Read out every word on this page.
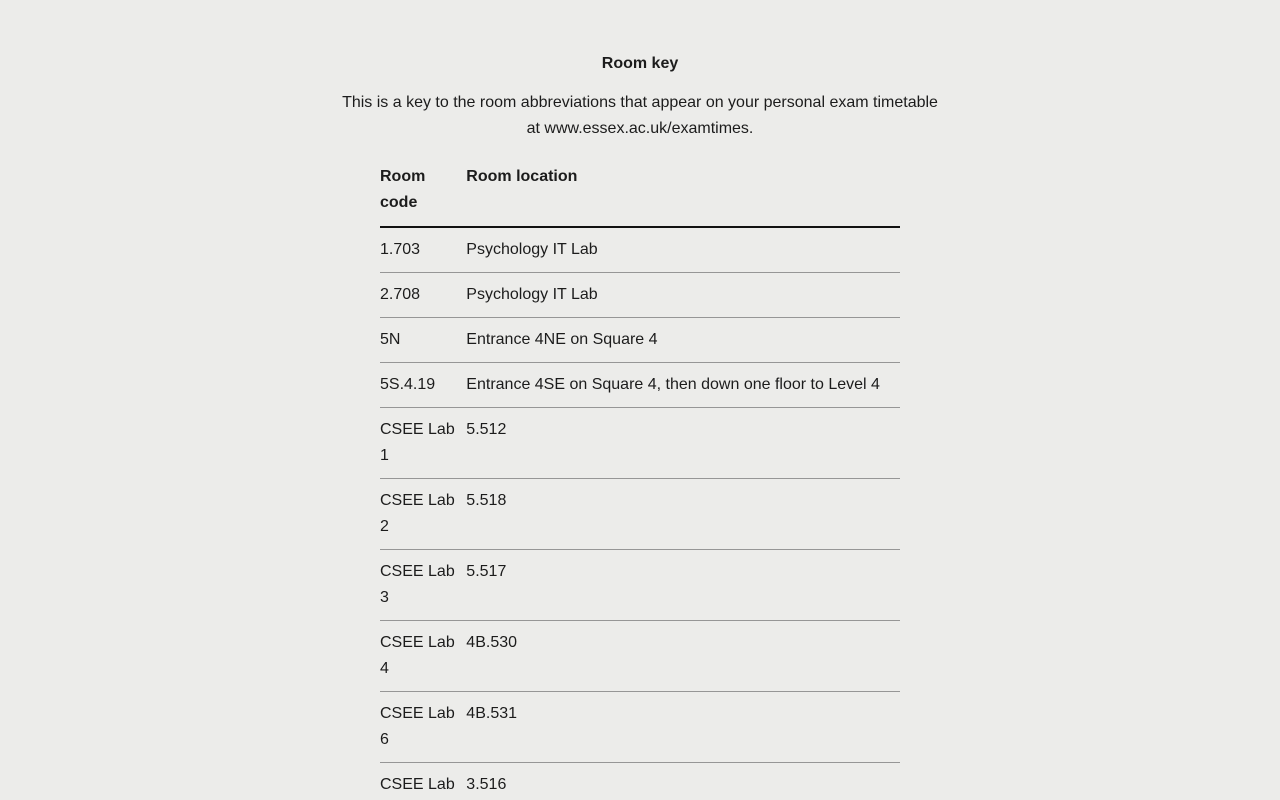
Room key

This is a key to the room abbreviations that appear on your personal exam timetable at www.essex.ac.uk/examtimes.

Room code	Room location
1.703	Psychology IT Lab
2.708	Psychology IT Lab
5N	Entrance 4NE on Square 4
5S.4.19	Entrance 4SE on Square 4, then down one floor to Level 4
CSEE Lab 1	5.512
CSEE Lab 2	5.518
CSEE Lab 3	5.517
CSEE Lab 4	4B.530
CSEE Lab 6	4B.531
CSEE Lab	3.516
